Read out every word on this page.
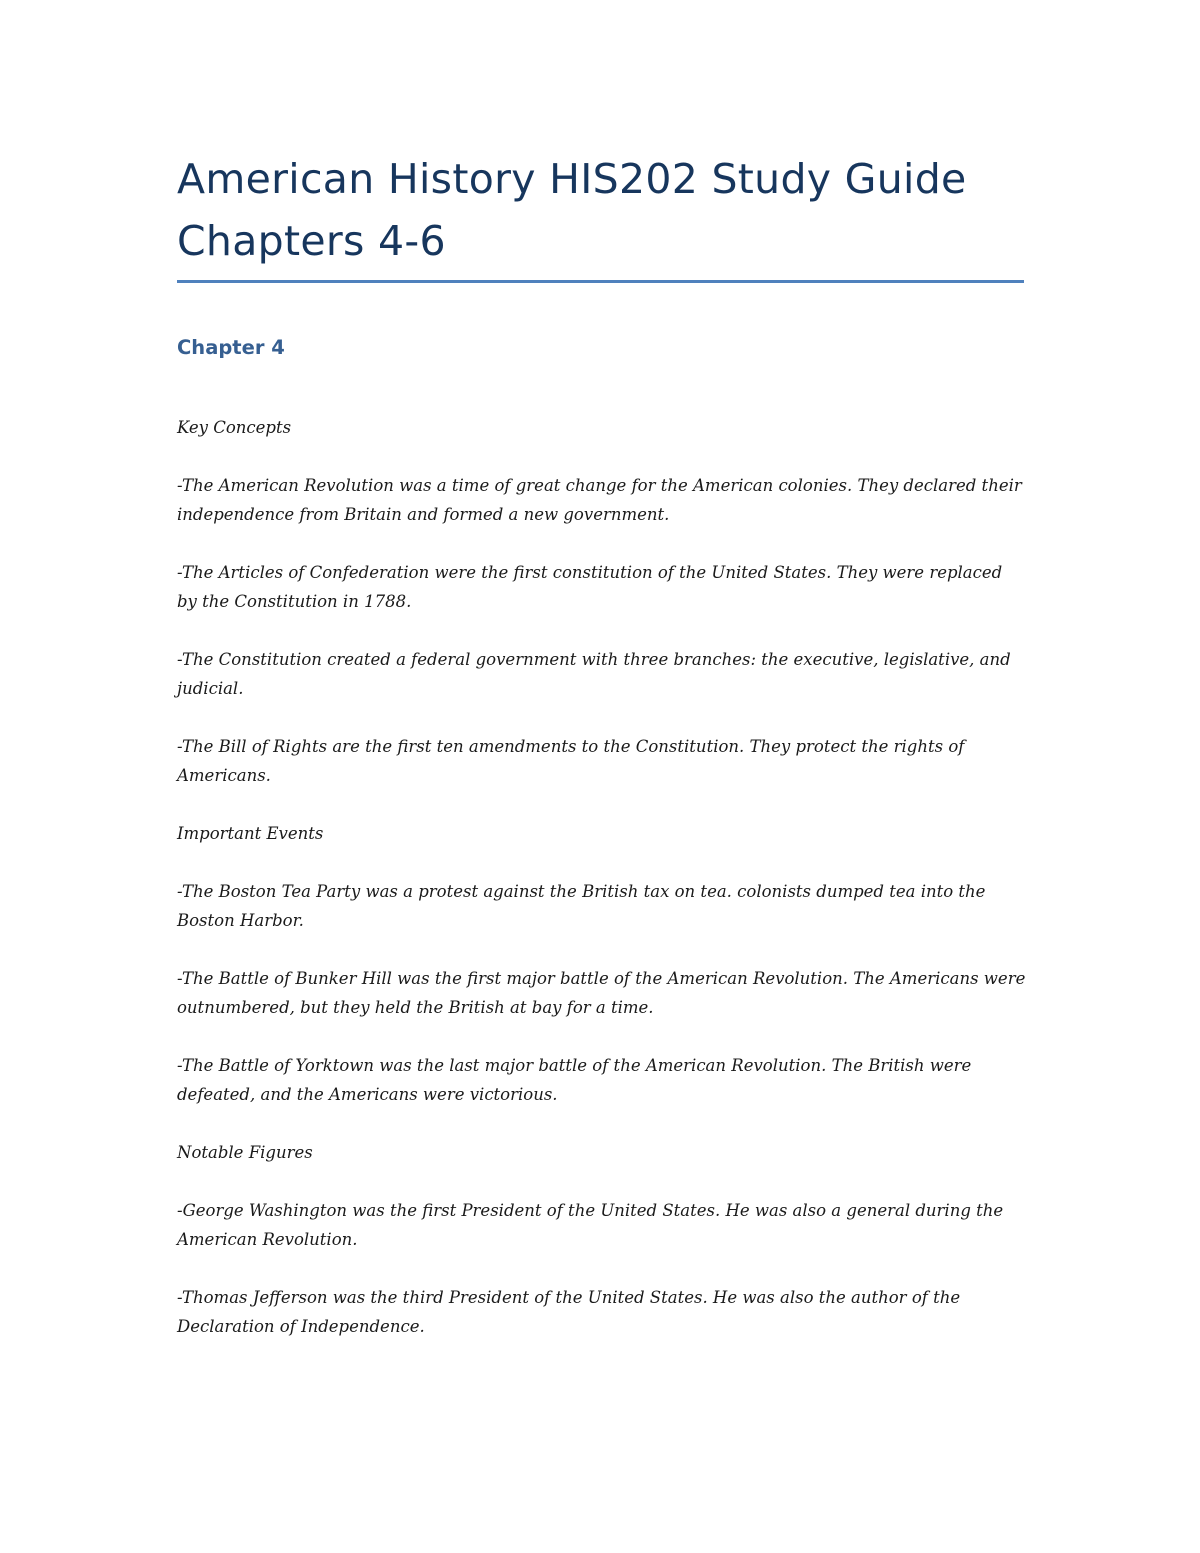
American History HIS202 Study Guide Chapters 4-6
Chapter 4

Key Concepts

-The American Revolution was a time of great change for the American colonies. They declared their independence from Britain and formed a new government.

-The Articles of Confederation were the first constitution of the United States. They were replaced by the Constitution in 1788.

-The Constitution created a federal government with three branches: the executive, legislative, and judicial.

-The Bill of Rights are the first ten amendments to the Constitution. They protect the rights of Americans.

Important Events

-The Boston Tea Party was a protest against the British tax on tea. colonists dumped tea into the Boston Harbor.

-The Battle of Bunker Hill was the first major battle of the American Revolution. The Americans were outnumbered, but they held the British at bay for a time.

-The Battle of Yorktown was the last major battle of the American Revolution. The British were defeated, and the Americans were victorious.

Notable Figures

-George Washington was the first President of the United States. He was also a general during the American Revolution.

-Thomas Jefferson was the third President of the United States. He was also the author of the Declaration of Independence.
